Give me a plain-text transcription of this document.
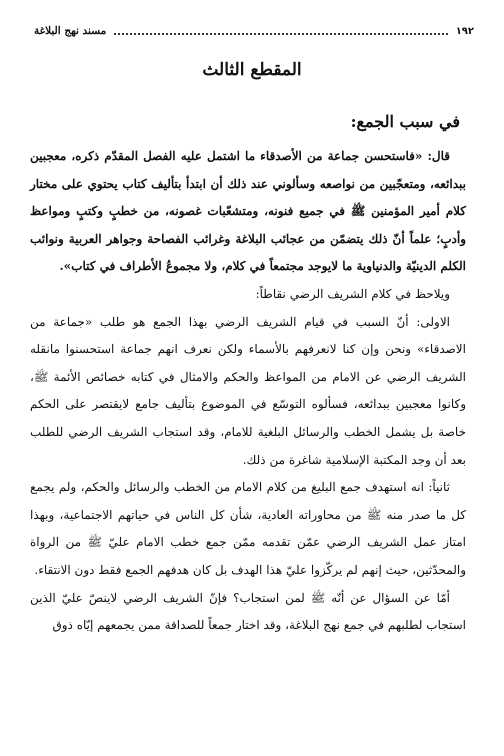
١٩٢
مسند نهج البلاغة
المقطع الثالث
في سبب الجمع:

قال: «فاستحسن جماعة من الأصدقاء ما اشتمل عليه الفصل المقدّم ذكره، معجبين ببدائعه، ومتعجّبين من نواصعه وسألوني عند ذلك أن ابتدأ بتأليف كتاب يحتوي على مختار كلام أمير المؤمنين ﷺ في جميع فنونه، ومتشعّبات غصونه، من خطبٍ وكتبٍ ومواعظ وأدبٍ؛ علماً أنّ ذلك يتضمّن من عجائب البلاغة وغرائب الفصاحة وجواهر العربية ونوائب الكلم الدينيّة والدنياوية ما لايوجد مجتمعاً في كلام، ولا مجموعُ الأطراف في كتاب».

ويلاحظ في كلام الشريف الرضي نقاطاً:

الاولى: أنّ السبب في قيام الشريف الرضي بهذا الجمع هو طلب «جماعة من الاصدقاء» ونحن وإن كنا لانعرفهم بالأسماء ولكن نعرف انهم جماعة استحسنوا مانقله الشريف الرضي عن الامام من المواعظ والحكم والامثال في كتابه خصائص الأئمة ﷺ، وكانوا معجبين ببدائعه، فسألوه التوسّع في الموضوع بتأليف جامع لايقتصر على الحكم خاصة بل يشمل الخطب والرسائل البلغية للامام، وقد استجاب الشريف الرضي للطلب بعد أن وجد المكتبة الإسلامية شاغرة من ذلك.

ثانياً: انه استهدف جمع البليغ من كلام الامام من الخطب والرسائل والحكم، ولم يجمع كل ما صدر منه ﷺ من محاوراته العادية، شأن كل الناس في حياتهم الاجتماعية، وبهذا امتاز عمل الشريف الرضي عمّن تقدمه ممّن جمع خطب الامام عليّ ﷺ من الرواة والمحدّثين، حيث إنهم لم يركّزوا عليّ هذا الهدف بل كان هدفهم الجمع فقط دون الانتقاء.

أمّا عن السؤال عن أنّه ﷺ لمن استجاب؟ فإنّ الشريف الرضي لاينصّ عليّ الذين استجاب لطلبهم في جمع نهج البلاغة، وقد اختار جمعاً للصداقة ممن يجمعهم إيّاه ذوق
